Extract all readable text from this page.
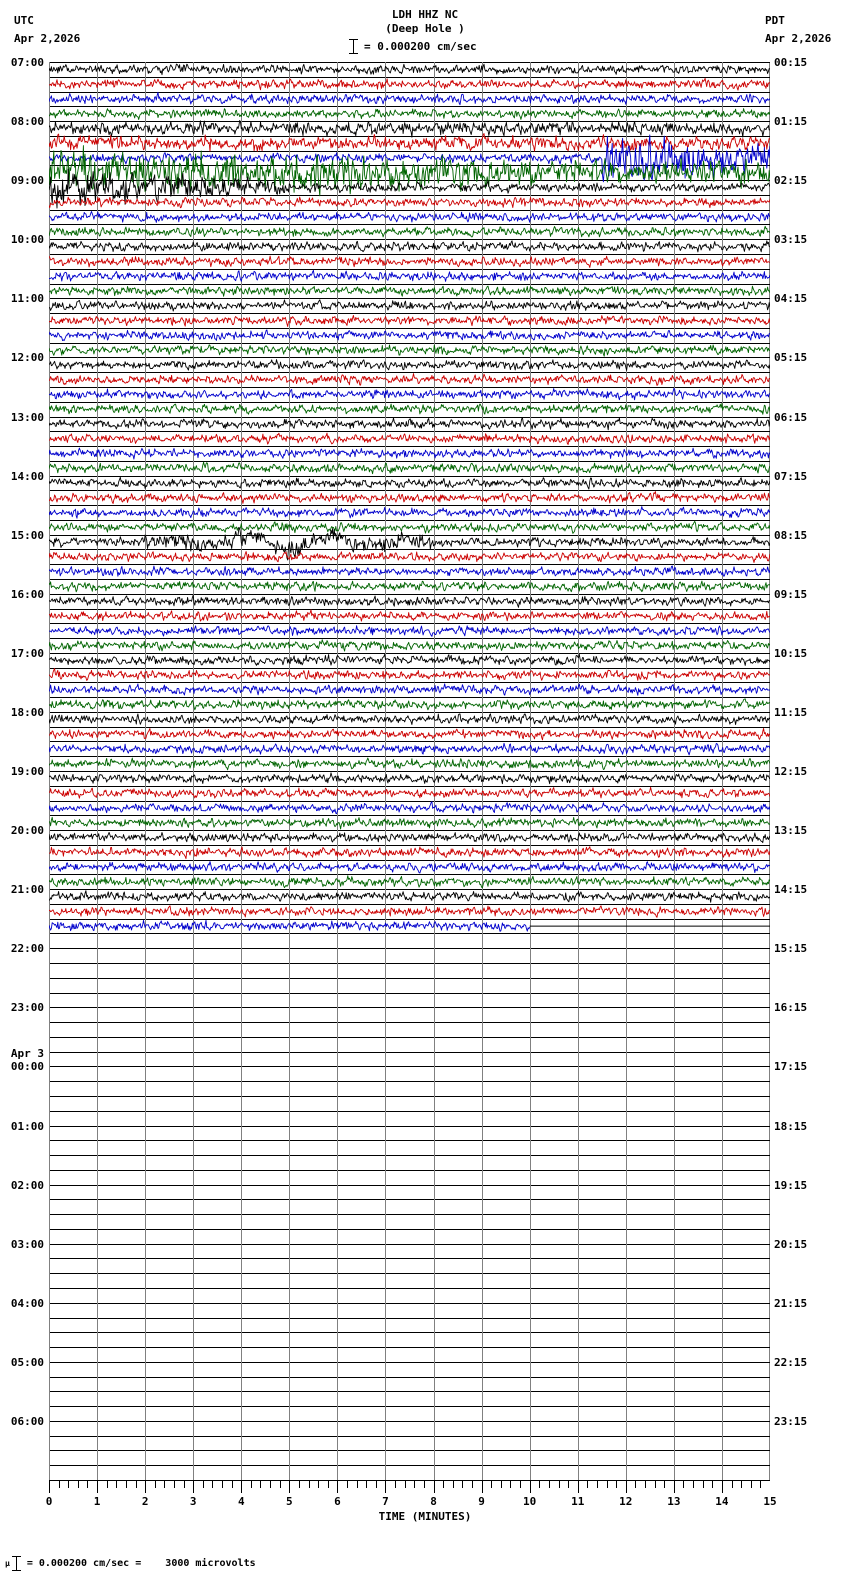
UTC
Apr 2,2026
PDT
Apr 2,2026
LDH HHZ NC
(Deep Hole )
= 0.000200 cm/sec
07:00
08:00
09:00
10:00
11:00
12:00
13:00
14:00
15:00
16:00
17:00
18:00
19:00
20:00
21:00
22:00
23:00
00:00
Apr 3
01:00
02:00
03:00
04:00
05:00
06:00
00:15
01:15
02:15
03:15
04:15
05:15
06:15
07:15
08:15
09:15
10:15
11:15
12:15
13:15
14:15
15:15
16:15
17:15
18:15
19:15
20:15
21:15
22:15
23:15
0	1	2	3	4	5	6	7	8	9	10	11	12	13	14	15
TIME (MINUTES)
μ

= 0.000200 cm/sec =    3000 microvolts
